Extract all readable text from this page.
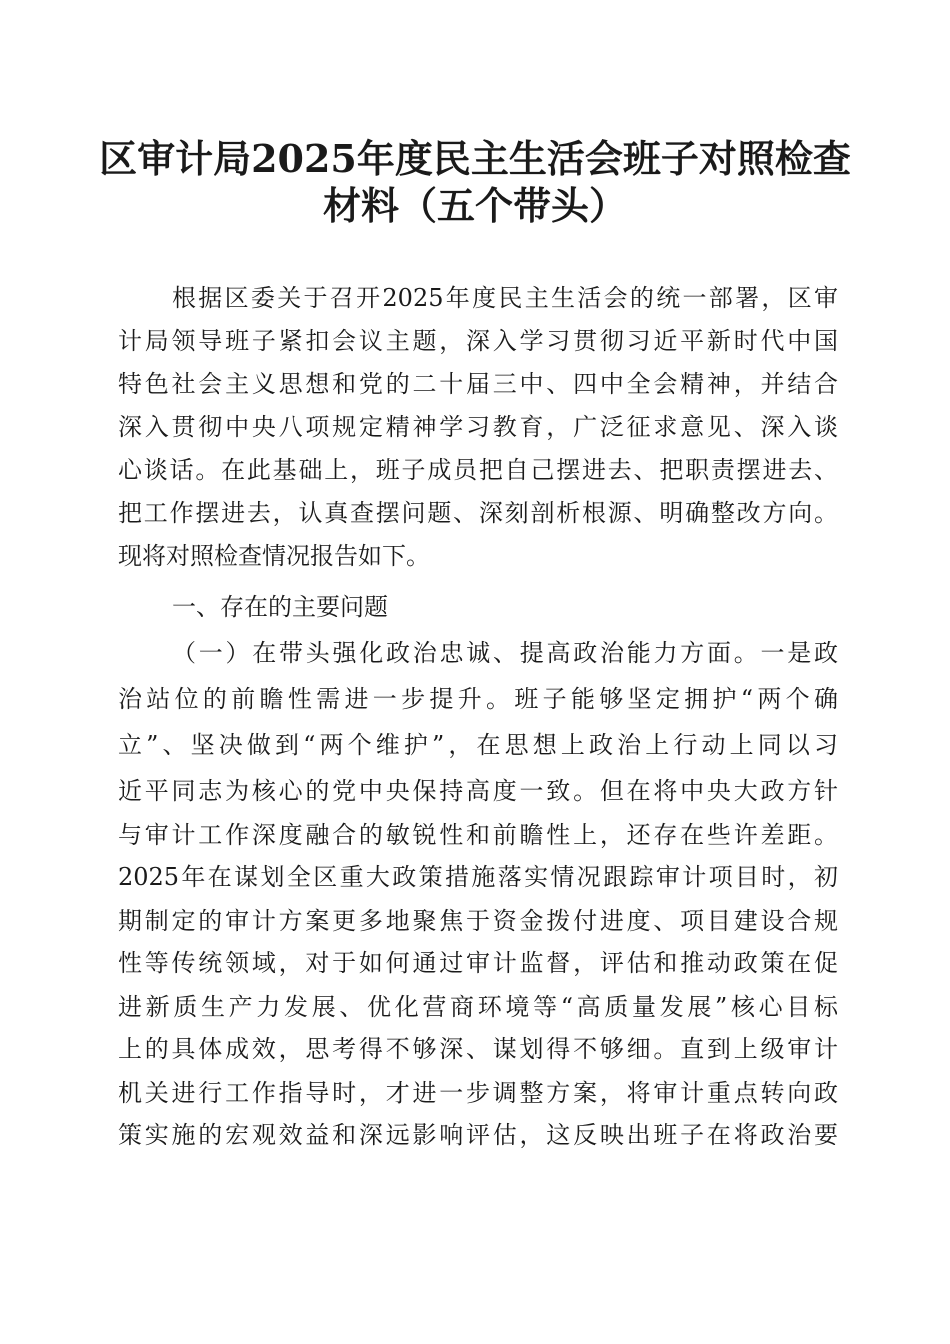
区审计局2025年度民主生活会班子对照检查
材料（五个带头）

根据区委关于召开2025年度民主生活会的统一部署，区审

计局领导班子紧扣会议主题，深入学习贯彻习近平新时代中国

特色社会主义思想和党的二十届三中、四中全会精神，并结合

深入贯彻中央八项规定精神学习教育，广泛征求意见、深入谈

心谈话。在此基础上，班子成员把自己摆进去、把职责摆进去、

把工作摆进去，认真查摆问题、深刻剖析根源、明确整改方向。

现将对照检查情况报告如下。

一、存在的主要问题

（一）在带头强化政治忠诚、提高政治能力方面。一是政

治站位的前瞻性需进一步提升。班子能够坚定拥护“两个确

立”、坚决做到“两个维护”，在思想上政治上行动上同以习

近平同志为核心的党中央保持高度一致。但在将中央大政方针

与审计工作深度融合的敏锐性和前瞻性上，还存在些许差距。

2025年在谋划全区重大政策措施落实情况跟踪审计项目时，初

期制定的审计方案更多地聚焦于资金拨付进度、项目建设合规

性等传统领域，对于如何通过审计监督，评估和推动政策在促

进新质生产力发展、优化营商环境等“高质量发展”核心目标

上的具体成效，思考得不够深、谋划得不够细。直到上级审计

机关进行工作指导时，才进一步调整方案，将审计重点转向政

策实施的宏观效益和深远影响评估，这反映出班子在将政治要
